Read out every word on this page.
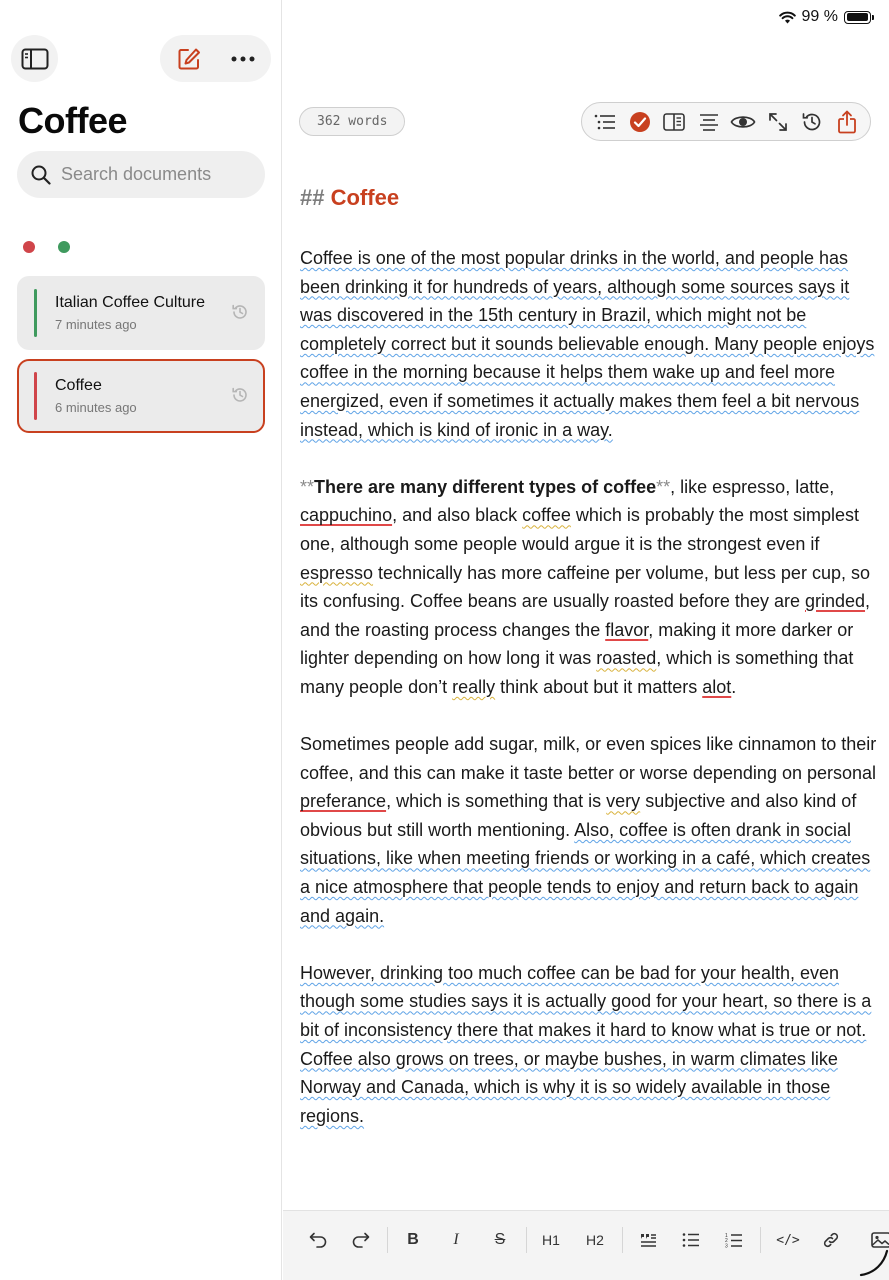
99 %
Coffee
Search documents
Italian Coffee Culture
7 minutes ago
Coffee
6 minutes ago
362 words
## Coffee

Coffee is one of the most popular drinks in the world, and people has been drinking it for hundreds of years, although some sources says it was discovered in the 15th century in Brazil, which might not be completely correct but it sounds believable enough. Many people enjoys coffee in the morning because it helps them wake up and feel more energized, even if sometimes it actually makes them feel a bit nervous instead, which is kind of ironic in a way.

**There are many different types of coffee**, like espresso, latte, cappuchino, and also black coffee which is probably the most simplest one, although some people would argue it is the strongest even if espresso technically has more caffeine per volume, but less per cup, so its confusing. Coffee beans are usually roasted before they are grinded, and the roasting process changes the flavor, making it more darker or lighter depending on how long it was roasted, which is something that many people don’t really think about but it matters alot.

Sometimes people add sugar, milk, or even spices like cinnamon to their coffee, and this can make it taste better or worse depending on personal preferance, which is something that is very subjective and also kind of obvious but still worth mentioning. Also, coffee is often drank in social situations, like when meeting friends or working in a café, which creates a nice atmosphere that people tends to enjoy and return back to again and again.

However, drinking too much coffee can be bad for your health, even though some studies says it is actually good for your heart, so there is a bit of inconsistency there that makes it hard to know what is true or not. Coffee also grows on trees, or maybe bushes, in warm climates like Norway and Canada, which is why it is so widely available in those regions.

B	I	S	H1	H2	1
2
3	</>
